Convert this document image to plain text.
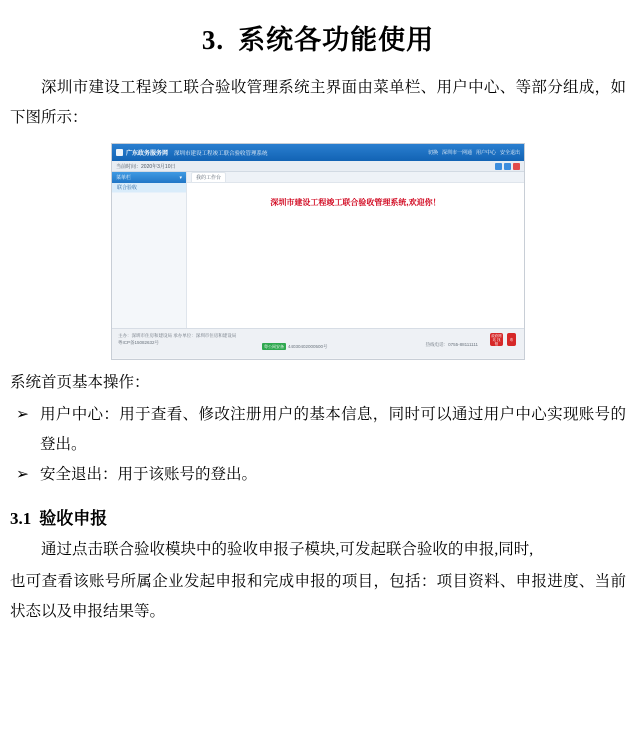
3. 系统各功能使用

深圳市建设工程竣工联合验收管理系统主界面由菜单栏、用户中心、等部分组成，如下图所示：

广东政务服务网 深圳市建设工程竣工联合验收管理系统	切换 深圳市一网通 用户中心 安全退出
当前时间： 2020年3月10日
菜单栏	▾
联合验收
我的工作台
深圳市建设工程竣工联合验收管理系统,欢迎你！
主办：深圳市住房和建设局 承办单位：深圳市住房和建设局
粤ICP备15082632号
粤公网安备 44030402000500号	热线电话：0755-88111111
政府网站 找错
粤

系统首页基本操作：

➢ 用户中心：用于查看、修改注册用户的基本信息，同时可以通过用户中心实现账号的登出。
➢ 安全退出：用于该账号的登出。
3.1 验收申报

通过点击联合验收模块中的验收申报子模块,可发起联合验收的申报,同时,

也可查看该账号所属企业发起申报和完成申报的项目，包括：项目资料、申报进度、当前状态以及申报结果等。
